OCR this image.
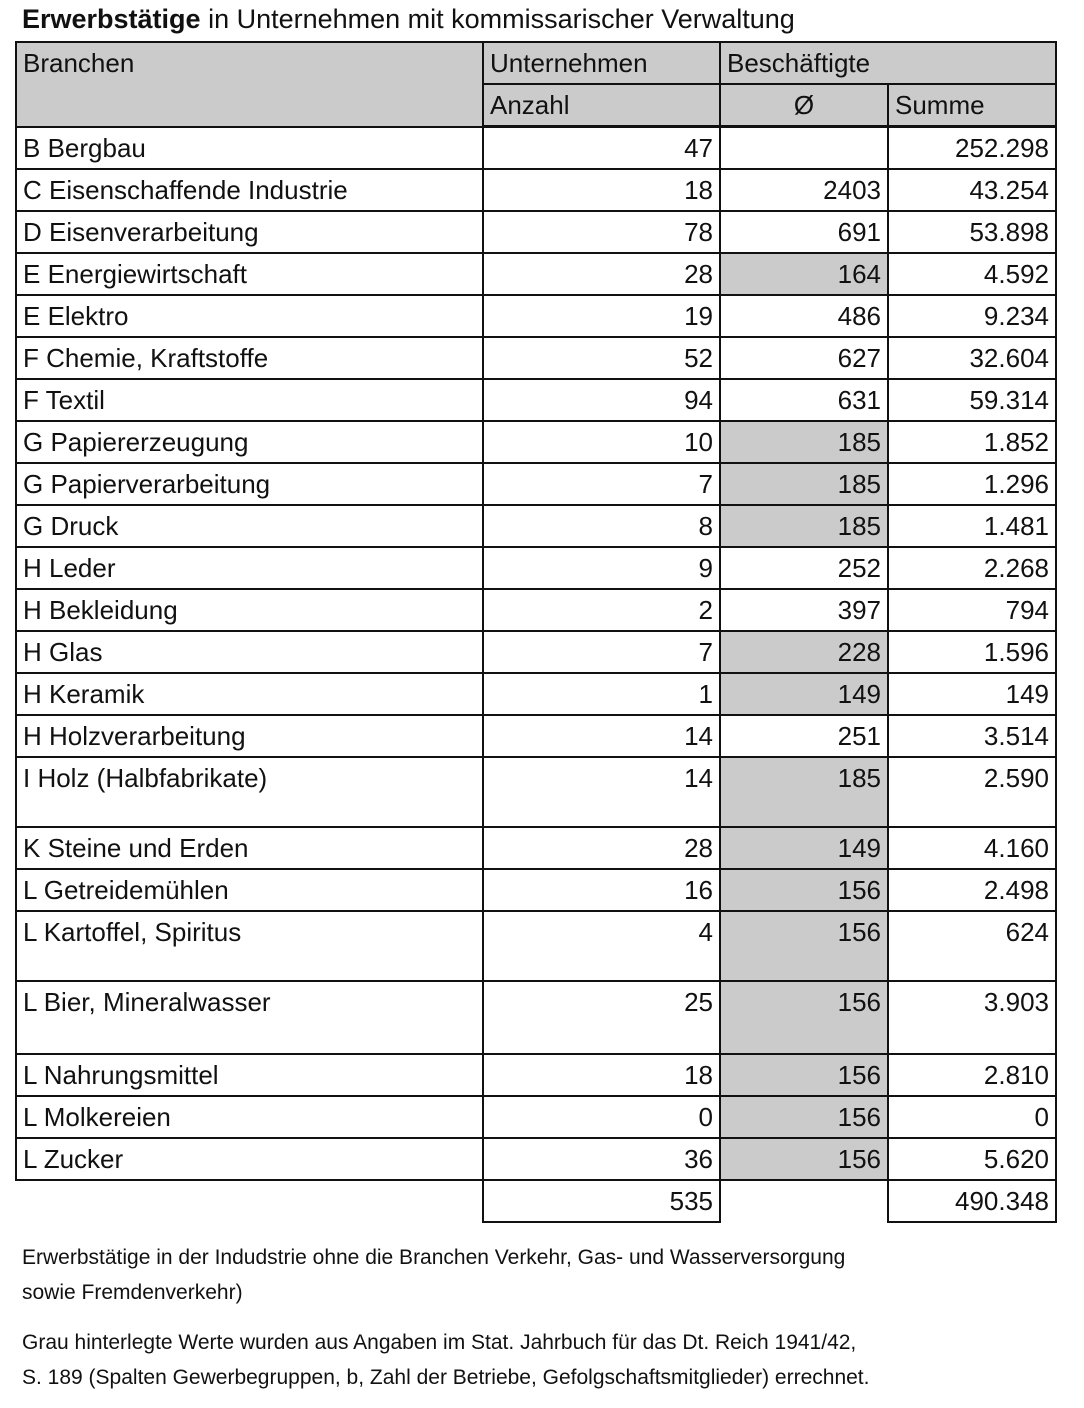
Erwerbstätige in Unternehmen mit kommissarischer Verwaltung
Branchen	Unternehmen	Beschäftigte	
	Anzahl	Ø	Summe
B Bergbau	47		252.298
C Eisenschaffende Industrie	18	2403	43.254
D Eisenverarbeitung	78	691	53.898
E Energiewirtschaft	28	164	4.592
E Elektro	19	486	9.234
F Chemie, Kraftstoffe	52	627	32.604
F Textil	94	631	59.314
G Papiererzeugung	10	185	1.852
G Papierverarbeitung	7	185	1.296
G Druck	8	185	1.481
H Leder	9	252	2.268
H Bekleidung	2	397	794
H Glas	7	228	1.596
H Keramik	1	149	149
H Holzverarbeitung	14	251	3.514
I Holz (Halbfabrikate)	14	185	2.590
K Steine und Erden	28	149	4.160
L Getreidemühlen	16	156	2.498
L Kartoffel, Spiritus	4	156	624
L Bier, Mineralwasser	25	156	3.903
L Nahrungsmittel	18	156	2.810
L Molkereien	0	156	0
L Zucker	36	156	5.620
	535		490.348
Erwerbstätige in der Indudstrie ohne die Branchen Verkehr, Gas- und Wasserversorgung
sowie Fremdenverkehr)
Grau hinterlegte Werte wurden aus Angaben im Stat. Jahrbuch für das Dt. Reich 1941/42,
S. 189 (Spalten Gewerbegruppen, b, Zahl der Betriebe, Gefolgschaftsmitglieder) errechnet.
